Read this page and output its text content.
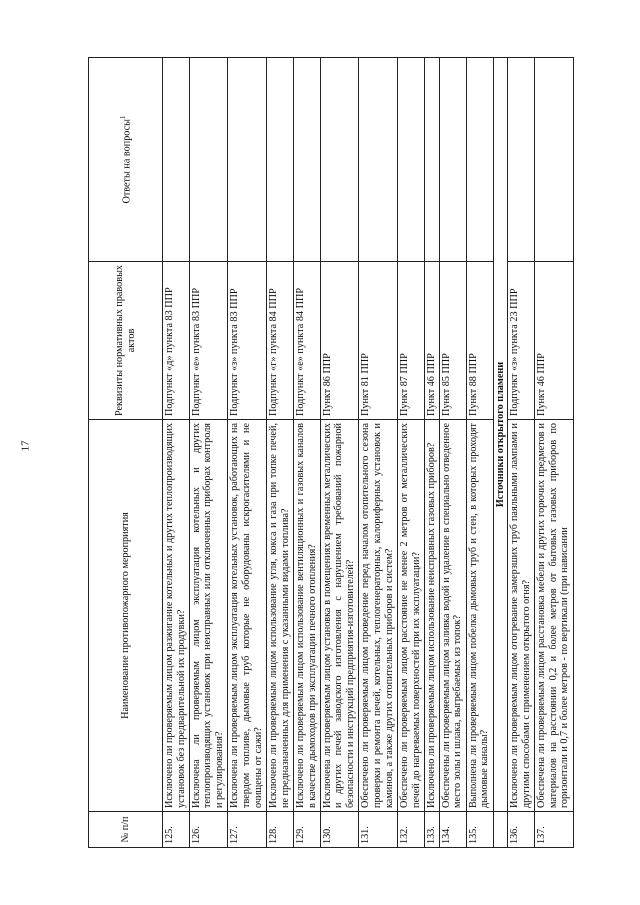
17
№ п/п	Наименование противопожарного мероприятия	Реквизиты нормативных правовых актов	Ответы на вопросы$^1$
125.	Исключено ли проверяемым лицом разжигание котельных и других теплопроизводящих установок без предварительной их продувки?	Подпункт «д» пункта 83 ППР	
126.	Исключена ли проверяемым лицом эксплуатация котельных и других теплопроизводящих установок при неисправных или отключенных приборах контроля и регулирования?	Подпункт «е» пункта 83 ППР	
127.	Исключена ли проверяемым лицом эксплуатация котельных установок, работающих на твердом топливе, дымовые труб которые не оборудованы искрогасителями и не очищены от сажи?	Подпункт «з» пункта 83 ППР	
128.	Исключено ли проверяемым лицом использование угля, кокса и газа при топке печей, не предназначенных для применения с указанными видами топлива?	Подпункт «г» пункта 84 ППР	
129.	Исключено ли проверяемым лицом использование вентиляционных и газовых каналов в качестве дымоходов при эксплуатации печного отопления?	Подпункт «е» пункта 84 ППР	
130.	Исключена ли проверяемым лицом установка в помещениях временных металлических и других печей заводского изготовления с нарушением требований пожарной безопасности и инструкций предприятия-изготовителей?	Пункт 86 ППР	
131.	Обеспечено ли проверяемым лицом проведение перед началом отопительного сезона проверки и ремонта печей, котельных, теплогенераторных, калориферных установок и каминов, а также других отопительных приборов и систем?	Пункт 81 ППР	
132.	Обеспечено ли проверяемым лицом расстояние не менее 2 метров от металлических печей до нагреваемых поверхностей при их эксплуатации?	Пункт 87 ППР	
133.	Исключено ли проверяемым лицом использование неисправных газовых приборов?	Пункт 46 ППР	
134.	Обеспечены ли проверяемым лицом заливка водой и удаление в специально отведенное место золы и шлака, выгребаемых из топок?	Пункт 85 ППР	
135.	Выполнена ли проверяемым лицом побелка дымовых труб и стен, в которых проходят дымовые каналы?	Пункт 88 ППР	
	Источники открытого пламени		
136.	Исключено ли проверяемым лицом отогревание замерзших труб паяльными лампами и другими способами с применением открытого огня?	Подпункт «з» пункта 23 ППР	
137.	Обеспечена ли проверяемым лицом расстановка мебели и других горючих предметов и материалов на расстоянии 0,2 и более метров от бытовых газовых приборов по горизонтали и 0,7 и более метров - по вертикали (при нависании	Пункт 46 ППР	
